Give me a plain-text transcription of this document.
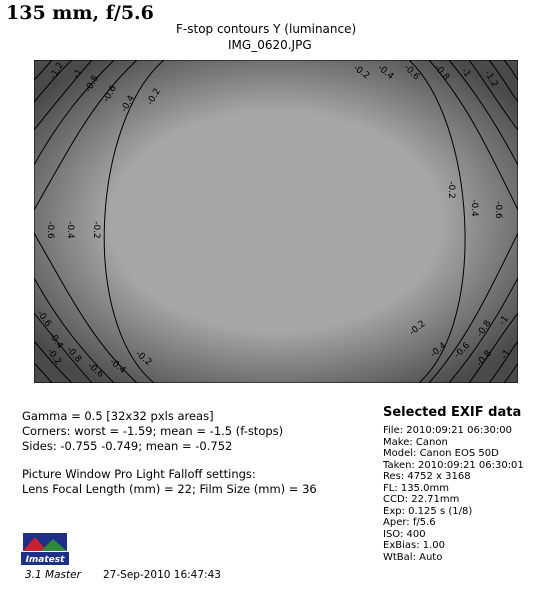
135 mm, f/5.6
F-stop contours Y (luminance)
IMG_0620.JPG
-1.2 -1
-0.8 -0.6 -0.4 -0.2
-0.6 -0.4 -0.2
-0.2 -0.4 -0.6 -0.8 -1 -1.2
-0.2
-0.4 -0.6
-0.2
-0.4
-0.6
-0.8
-0.2
-0.4 -0.6 -0.8 -1
-0.2
-0.4
-0.6	-0.8 -1
Gamma = 0.5 [32x32 pxls areas]
Corners: worst = -1.59; mean = -1.5 (f-stops)
Sides: -0.755 -0.749; mean = -0.752
Picture Window Pro Light Falloff settings:
Lens Focal Length (mm) = 22; Film Size (mm) = 36
Selected EXIF data
File: 2010:09:21 06:30:00
Make: Canon
Model: Canon EOS 50D
Taken: 2010:09:21 06:30:01
Res: 4752 x 3168
FL: 135.0mm
CCD: 22.71mm
Exp: 0.125 s (1/8)
Aper: f/5.6
ISO: 400
ExBias: 1.00
WtBal: Auto
Imatest
3.1 Master 27-Sep-2010 16:47:43
